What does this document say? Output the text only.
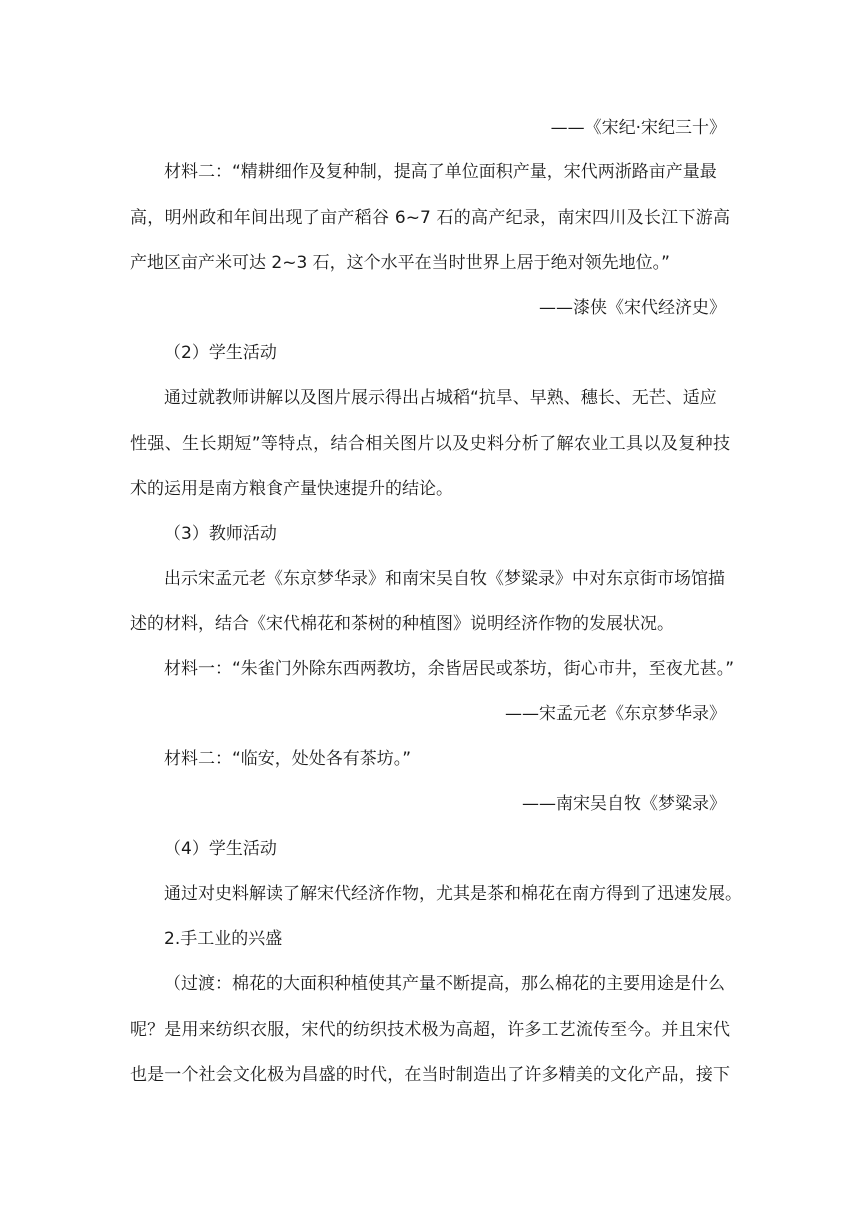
——《宋纪·宋纪三十》
材料二：“精耕细作及复种制，提高了单位面积产量，宋代两浙路亩产量最
高，明州政和年间出现了亩产稻谷 6~7 石的高产纪录，南宋四川及长江下游高
产地区亩产米可达 2~3 石，这个水平在当时世界上居于绝对领先地位。”
——漆侠《宋代经济史》
（2）学生活动
通过就教师讲解以及图片展示得出占城稻“抗旱、早熟、穗长、无芒、适应
性强、生长期短”等特点，结合相关图片以及史料分析了解农业工具以及复种技
术的运用是南方粮食产量快速提升的结论。
（3）教师活动
出示宋孟元老《东京梦华录》和南宋吴自牧《梦粱录》中对东京街市场馆描
述的材料，结合《宋代棉花和茶树的种植图》说明经济作物的发展状况。
材料一：“朱雀门外除东西两教坊，余皆居民或茶坊，街心市井，至夜尤甚。”
——宋孟元老《东京梦华录》
材料二：“临安，处处各有茶坊。”
——南宋吴自牧《梦粱录》
（4）学生活动
通过对史料解读了解宋代经济作物，尤其是茶和棉花在南方得到了迅速发展。
2.手工业的兴盛
（过渡：棉花的大面积种植使其产量不断提高，那么棉花的主要用途是什么
呢？是用来纺织衣服，宋代的纺织技术极为高超，许多工艺流传至今。并且宋代
也是一个社会文化极为昌盛的时代，在当时制造出了许多精美的文化产品，接下
